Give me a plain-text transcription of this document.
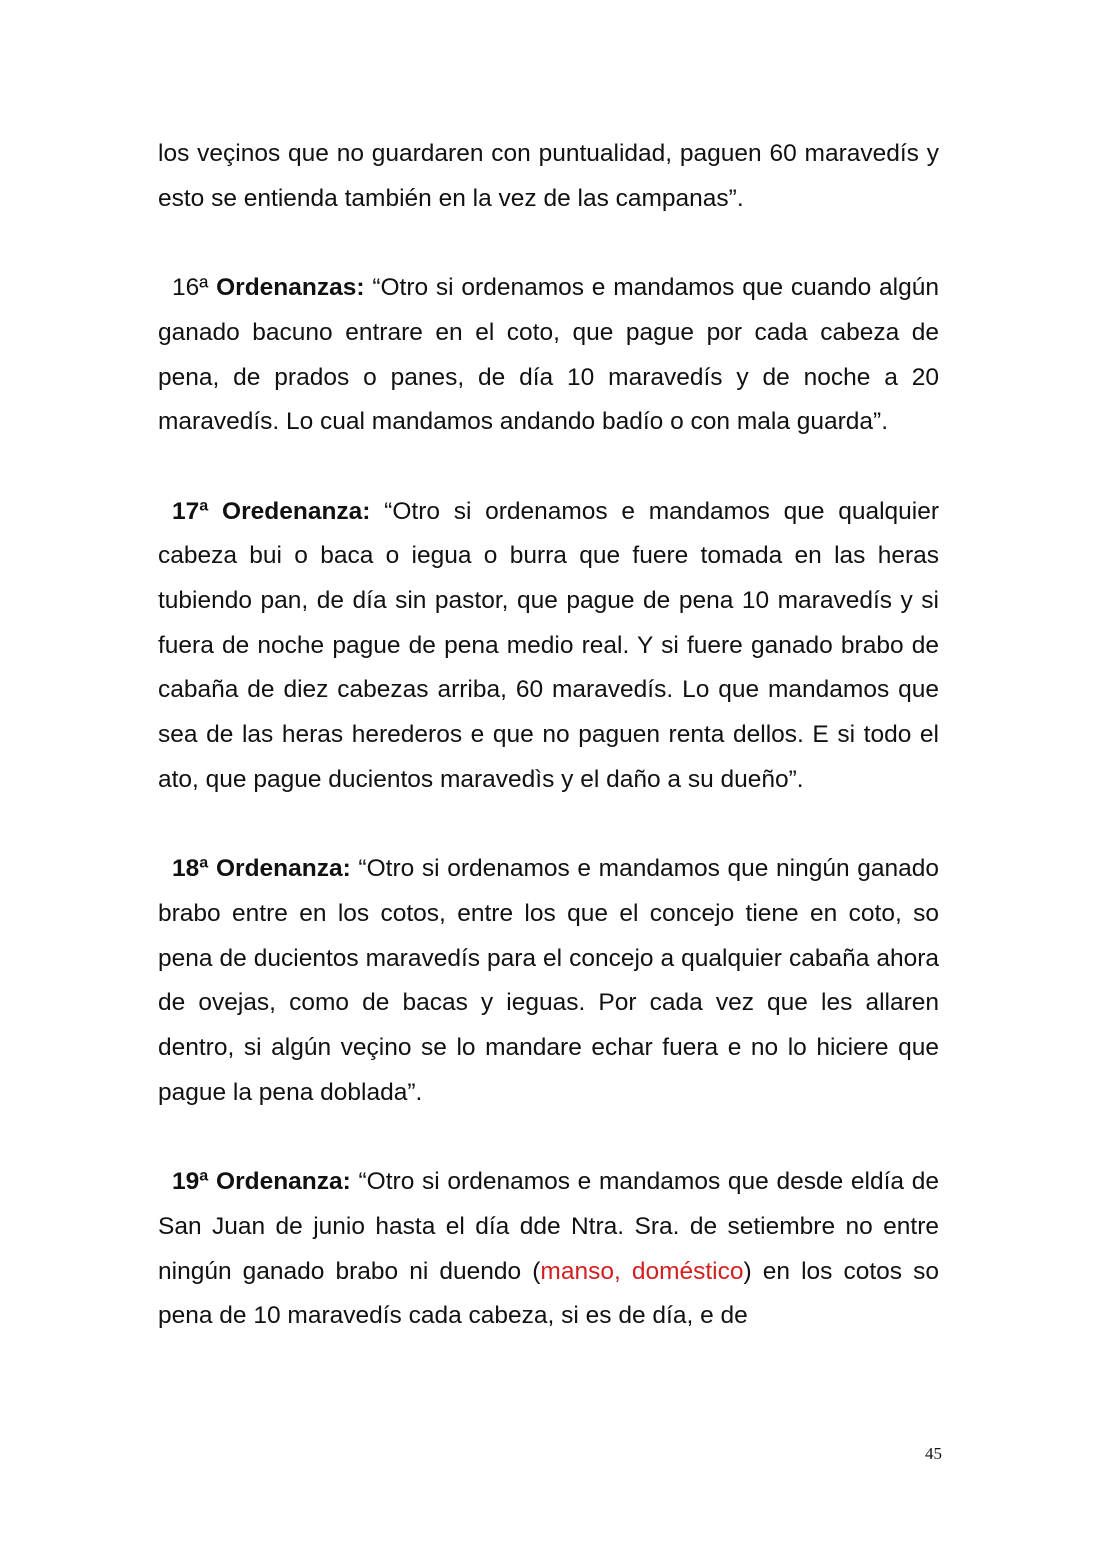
los veçinos que no guardaren con puntualidad, paguen 60 maravedís y esto se entienda también en la vez de las campanas”.

16ª Ordenanzas: “Otro si ordenamos e mandamos que cuando algún ganado bacuno entrare en el coto, que pague por cada cabeza de pena, de prados o panes, de día 10 maravedís y de noche a 20 maravedís. Lo cual mandamos andando badío o con mala guarda”.

17ª Oredenanza: “Otro si ordenamos e mandamos que qualquier cabeza bui o baca o iegua o burra que fuere tomada en las heras tubiendo pan, de día sin pastor, que pague de pena 10 maravedís y si fuera de noche pague de pena medio real. Y si fuere ganado brabo de cabaña de diez cabezas arriba, 60 maravedís. Lo que mandamos que sea de las heras herederos e que no paguen renta dellos. E si todo el ato, que pague ducientos maravedìs y el daño a su dueño”.

18ª Ordenanza: “Otro si ordenamos e mandamos que ningún ganado brabo entre en los cotos, entre los que el concejo tiene en coto, so pena de ducientos maravedís para el concejo a qualquier cabaña ahora de ovejas, como de bacas y ieguas. Por cada vez que les allaren dentro, si algún veçino se lo mandare echar fuera e no lo hiciere que pague la pena doblada”.

19ª Ordenanza: “Otro si ordenamos e mandamos que desde eldía de San Juan de junio hasta el día dde Ntra. Sra. de setiembre no entre ningún ganado brabo ni duendo (manso, doméstico) en los cotos so pena de 10 maravedís cada cabeza, si es de día, e de

45
